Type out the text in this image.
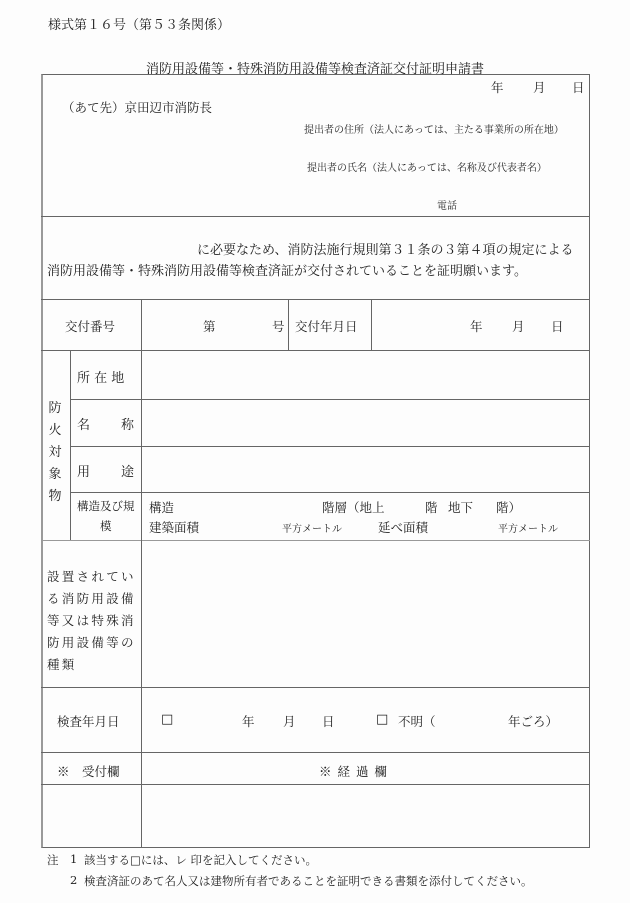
様式第１６号（第５３条関係）
消防用設備等・特殊消防用設備等検査済証交付証明申請書
年 月 日
（あて先）京田辺市消防長
提出者の住所（法人にあっては、主たる事業所の所在地）
提出者の氏名（法人にあっては、名称及び代表者名）
電話
に必要なため、消防法施行規則第３１条の３第４項の規定による
消防用設備等・特殊消防用設備等検査済証が交付されていることを証明願います。
交付番号	第	号 交付年月日	年 月 日
防
火
対
象
物
所 在 地
名 称
用 途
構造及び規
模
構造	階層（地上	階 地下 階）
建築面積	平方メートル	延べ面積	平方メートル
設置されている消防用設備等又は特殊消防用設備等の種類
検査年月日	□	年 月 日	□ 不明（	年ごろ）
※　受付欄	※ 経 過 欄
注 1 該当する□には、レ 印を記入してください。
2 検査済証のあて名人又は建物所有者であることを証明できる書類を添付してください。
